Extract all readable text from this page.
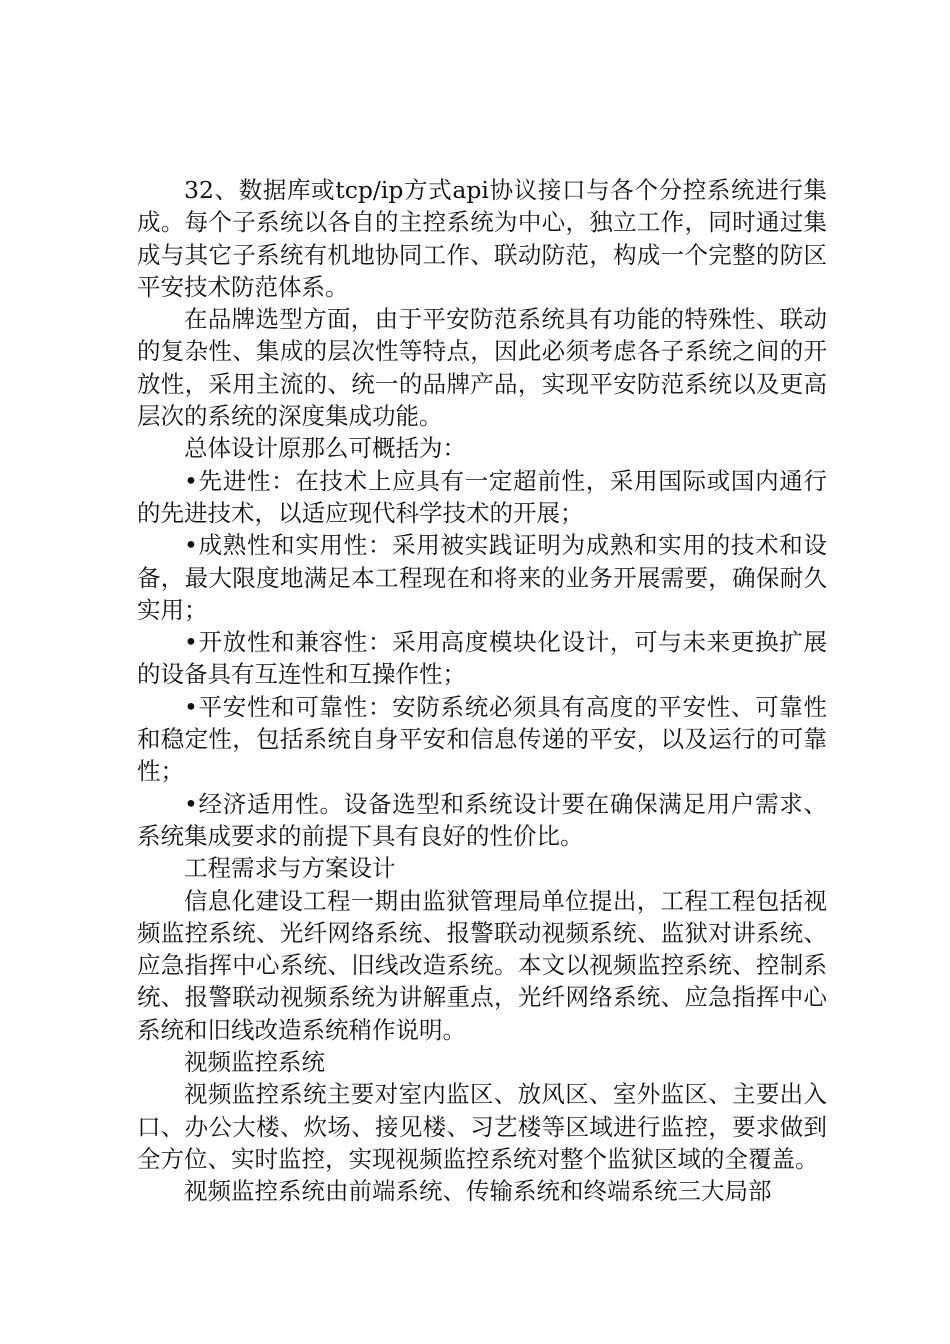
32、数据库或tcp/ip方式api协议接口与各个分控系统进行集成。每个子系统以各自的主控系统为中心，独立工作，同时通过集成与其它子系统有机地协同工作、联动防范，构成一个完整的防区平安技术防范体系。

在品牌选型方面，由于平安防范系统具有功能的特殊性、联动的复杂性、集成的层次性等特点，因此必须考虑各子系统之间的开放性，采用主流的、统一的品牌产品，实现平安防范系统以及更高层次的系统的深度集成功能。

总体设计原那么可概括为：

•先进性：在技术上应具有一定超前性，采用国际或国内通行的先进技术，以适应现代科学技术的开展；

•成熟性和实用性：采用被实践证明为成熟和实用的技术和设备，最大限度地满足本工程现在和将来的业务开展需要，确保耐久实用；

•开放性和兼容性：采用高度模块化设计，可与未来更换扩展的设备具有互连性和互操作性；

•平安性和可靠性：安防系统必须具有高度的平安性、可靠性和稳定性，包括系统自身平安和信息传递的平安，以及运行的可靠性；

•经济适用性。设备选型和系统设计要在确保满足用户需求、系统集成要求的前提下具有良好的性价比。

工程需求与方案设计

信息化建设工程一期由监狱管理局单位提出，工程工程包括视频监控系统、光纤网络系统、报警联动视频系统、监狱对讲系统、应急指挥中心系统、旧线改造系统。本文以视频监控系统、控制系统、报警联动视频系统为讲解重点，光纤网络系统、应急指挥中心系统和旧线改造系统稍作说明。

视频监控系统

视频监控系统主要对室内监区、放风区、室外监区、主要出入口、办公大楼、炊场、接见楼、习艺楼等区域进行监控，要求做到全方位、实时监控，实现视频监控系统对整个监狱区域的全覆盖。

视频监控系统由前端系统、传输系统和终端系统三大局部
